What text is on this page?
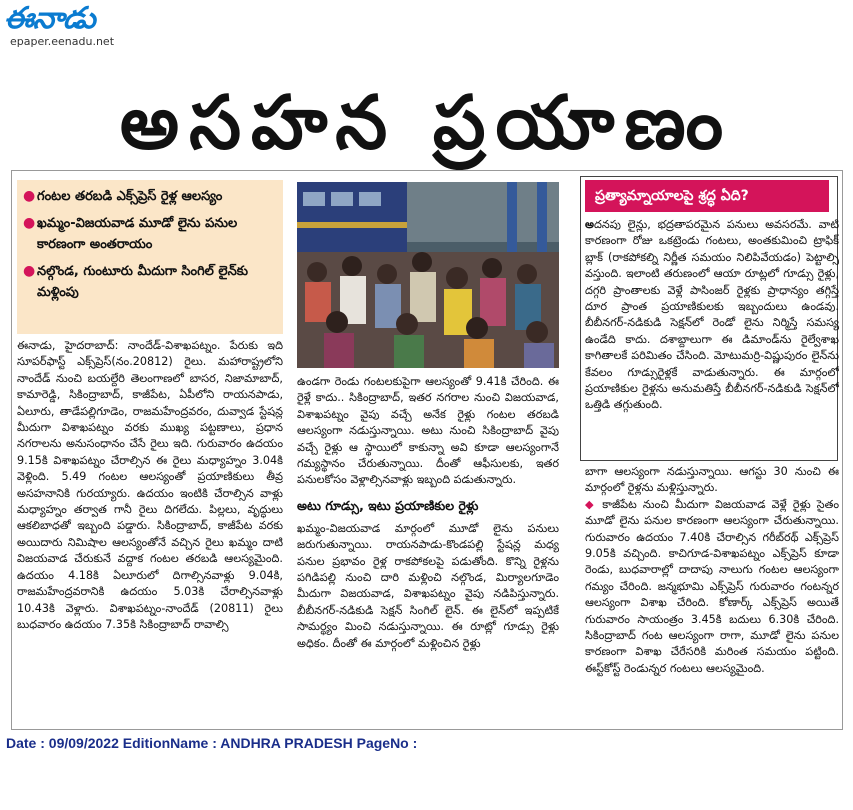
ఈనాడు
epaper.eenadu.net
అసహన ప్రయాణం
● గంటల తరబడి ఎక్స్‌ప్రెస్ రైళ్ల ఆలస్యం
● ఖమ్మం-విజయవాడ మూడో లైను పనుల కారణంగా అంతరాయం
● నల్గొండ, గుంటూరు మీదుగా సింగిల్ లైన్‌కు మళ్లింపు

ఈనాడు, హైదరాబాద్: నాందేడ్-విశాఖపట్నం. పేరుకు ఇది సూపర్‌ఫాస్ట్ ఎక్స్‌ప్రెస్(నం.20812) రైలు. మహారాష్ట్రలోని నాందేడ్ నుంచి బయల్దేరి తెలంగాణలో బాసర, నిజామాబాద్, కామారెడ్డి, సికింద్రాబాద్, కాజీపేట, ఏపీలోని రాయనపాడు, ఏలూరు, తాడేపల్లిగూడెం, రాజమహేంద్రవరం, దువ్వాడ స్టేషన్ల మీదుగా విశాఖపట్నం వరకు ముఖ్య పట్టణాలు, ప్రధాన నగరాలను అనుసంధానం చేసే రైలు ఇది. గురువారం ఉదయం 9.15కి విశాఖపట్నం చేరాల్సిన ఈ రైలు మధ్యాహ్నం 3.04కి వెళ్లింది. 5.49 గంటల ఆలస్యంతో ప్రయాణికులు తీవ్ర అసహనానికి గురయ్యారు. ఉదయం ఇంటికి చేరాల్సిన వాళ్లు మధ్యాహ్నం తర్వాత గానీ రైలు దిగలేదు. పిల్లలు, వృద్ధులు ఆకలిబాధతో ఇబ్బంది పడ్డారు. సికింద్రాబాద్, కాజీపేట వరకు అయిదారు నిమిషాల ఆలస్యంతోనే వచ్చిన రైలు ఖమ్మం దాటి విజయవాడ చేరుకునే వద్దాక గంటల తరబడి ఆలస్యమైంది. ఉదయం 4.18కి ఏలూరులో దిగాల్సినవాళ్లు 9.04కి, రాజమహేంద్రవరానికి ఉదయం 5.03కి చేరాల్సినవాళ్లు 10.43కి వెళ్లారు. విశాఖపట్నం-నాందేడ్ (20811) రైలు బుధవారం ఉదయం 7.35కి సికింద్రాబాద్ రావాల్సి

ఉండగా రెండు గంటలకుపైగా ఆలస్యంతో 9.41కి చేరింది. ఈ రైళ్లే కాదు.. సికింద్రాబాద్, ఇతర నగరాల నుంచి విజయవాడ, విశాఖపట్నం వైపు వచ్చే అనేక రైళ్లు గంటల తరబడి ఆలస్యంగా నడుస్తున్నాయి. అటు నుంచి సికింద్రాబాద్ వైపు వచ్చే రైళ్లు ఆ స్థాయిలో కాకున్నా అవి కూడా ఆలస్యంగానే గమ్యస్థానం చేరుతున్నాయి. దీంతో ఆఫీసులకు, ఇతర పనులకోసం వెళ్లాల్సినవాళ్లు ఇబ్బంది పడుతున్నారు.

అటు గూడ్సు, ఇటు ప్రయాణికుల రైళ్లు

ఖమ్మం-విజయవాడ మార్గంలో మూడో లైను పనులు జరుగుతున్నాయి. రాయనపాడు-కొండపల్లి స్టేషన్ల మధ్య పనుల ప్రభావం రైళ్ల రాకపోకలపై పడుతోంది. కొన్ని రైళ్లను పగిడిపల్లి నుంచి దారి మళ్లించి నల్గొండ, మిర్యాలగూడెం మీదుగా విజయవాడ, విశాఖపట్నం వైపు నడిపిస్తున్నారు. బీబీనగర్-నడికుడి సెక్షన్ సింగిల్ లైన్. ఈ లైన్‌లో ఇప్పటికే సామర్థ్యం మించి నడుస్తున్నాయి. ఈ రూట్లో గూడ్సు రైళ్లు అధికం. దీంతో ఈ మార్గంలో మళ్లించిన రైళ్లు

ప్రత్యామ్నాయాలపై శ్రద్ధ ఏది?

అదనపు లైన్లు, భద్రతాపరమైన పనులు అవసరమే. వాటి కారణంగా రోజు ఒకట్రెండు గంటలు, అంతకుమించి ట్రాఫిక్ బ్లాక్ (రాకపోకల్ని నిర్ణీత సమయం నిలిపివేయడం) పెట్టాల్సి వస్తుంది. ఇలాంటి తరుణంలో ఆయా రూట్లలో గూడ్సు రైళ్లు, దగ్గరి ప్రాంతాలకు వెళ్లే పాసింజర్ రైళ్లకు ప్రాధాన్యం తగ్గిస్తే దూర ప్రాంత ప్రయాణికులకు ఇబ్బందులు ఉండవు. బీబీనగర్-నడికుడి సెక్షన్‌లో రెండో లైను నిర్మిస్తే సమస్య ఉండేది కాదు. దశాబ్దాలుగా ఈ డిమాండ్‌ను రైల్వేశాఖ కాగితాలకే పరిమితం చేసింది. మోటుమర్రి-విష్ణుపురం లైన్‌ను కేవలం గూడ్సురైళ్లకే వాడుతున్నారు. ఈ మార్గంలో ప్రయాణికుల రైళ్లను అనుమతిస్తే బీబీనగర్-నడికుడి సెక్షన్‌లో ఒత్తిడి తగ్గుతుంది.

బాగా ఆలస్యంగా నడుస్తున్నాయి. ఆగస్టు 30 నుంచి ఈ మార్గంలో రైళ్లను మళ్లిస్తున్నారు.

◆ కాజీపేట నుంచి మీదుగా విజయవాడ వెళ్లే రైళ్లు సైతం మూడో లైను పనుల కారణంగా ఆలస్యంగా చేరుతున్నాయి. గురువారం ఉదయం 7.40కి చేరాల్సిన గరీబ్‌రథ్ ఎక్స్‌ప్రెస్ 9.05కి వచ్చింది. కాచిగూడ-విశాఖపట్నం ఎక్స్‌ప్రెస్ కూడా రెండు, బుధవారాల్లో దాదాపు నాలుగు గంటల ఆలస్యంగా గమ్యం చేరింది. జన్మభూమి ఎక్స్‌ప్రెస్ గురువారం గంటన్నర ఆలస్యంగా విశాఖ చేరింది. కోణార్క్ ఎక్స్‌ప్రెస్ అయితే గురువారం సాయంత్రం 3.45కి బదులు 6.30కి చేరింది. సికింద్రాబాద్ గంట ఆలస్యంగా రాగా, మూడో లైను పనుల కారణంగా విశాఖ చేరేసరికి మరింత సమయం పట్టింది. ఈస్ట్‌కోస్ట్ రెండున్నర గంటలు ఆలస్యమైంది.

Date : 09/09/2022 EditionName : ANDHRA PRADESH PageNo :
